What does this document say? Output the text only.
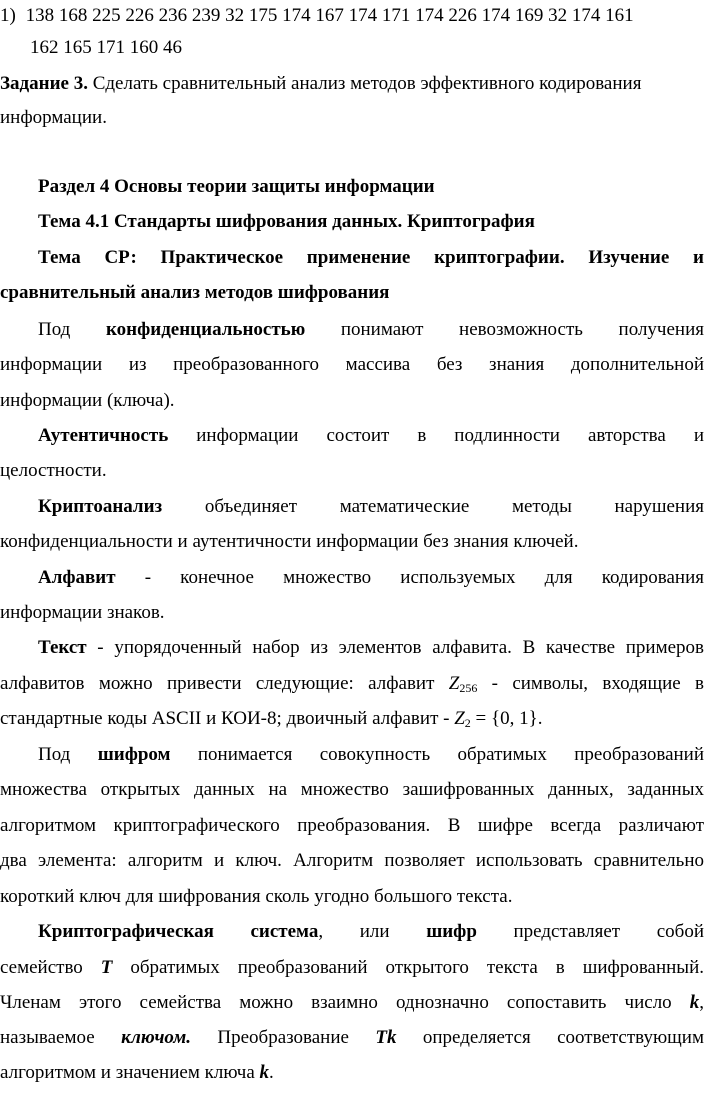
1) 138 168 225 226 236 239 32 175 174 167 174 171 174 226 174 169 32 174 161
162 165 171 160 46
Задание 3. Сделать сравнительный анализ методов эффективного кодирования
информации.
Раздел 4 Основы теории защиты информации
Тема 4.1 Стандарты шифрования данных. Криптография
Тема СР: Практическое применение криптографии. Изучение и
сравнительный анализ методов шифрования
Под конфиденциальностью понимают невозможность получения
информации из преобразованного массива без знания дополнительной
информации (ключа).
Аутентичность информации состоит в подлинности авторства и
целостности.
Криптоанализ объединяет математические методы нарушения
конфиденциальности и аутентичности информации без знания ключей.
Алфавит - конечное множество используемых для кодирования
информации знаков.
Текст - упорядоченный набор из элементов алфавита. В качестве примеров
алфавитов можно привести следующие: алфавит $Z_{256}$ - символы, входящие в
стандартные коды ASCII и КОИ-8; двоичный алфавит - $Z_2 = \{0$, 1}.
Под шифром понимается совокупность обратимых преобразований
множества открытых данных на множество зашифрованных данных, заданных
алгоритмом криптографического преобразования. В шифре всегда различают
два элемента: алгоритм и ключ. Алгоритм позволяет использовать сравнительно
короткий ключ для шифрования сколь угодно большого текста.
Криптографическая система, или шифр представляет собой
семейство T обратимых преобразований открытого текста в шифрованный.
Членам этого семейства можно взаимно однозначно сопоставить число k,
называемое ключом. Преобразование Tk определяется соответствующим
алгоритмом и значением ключа k.
